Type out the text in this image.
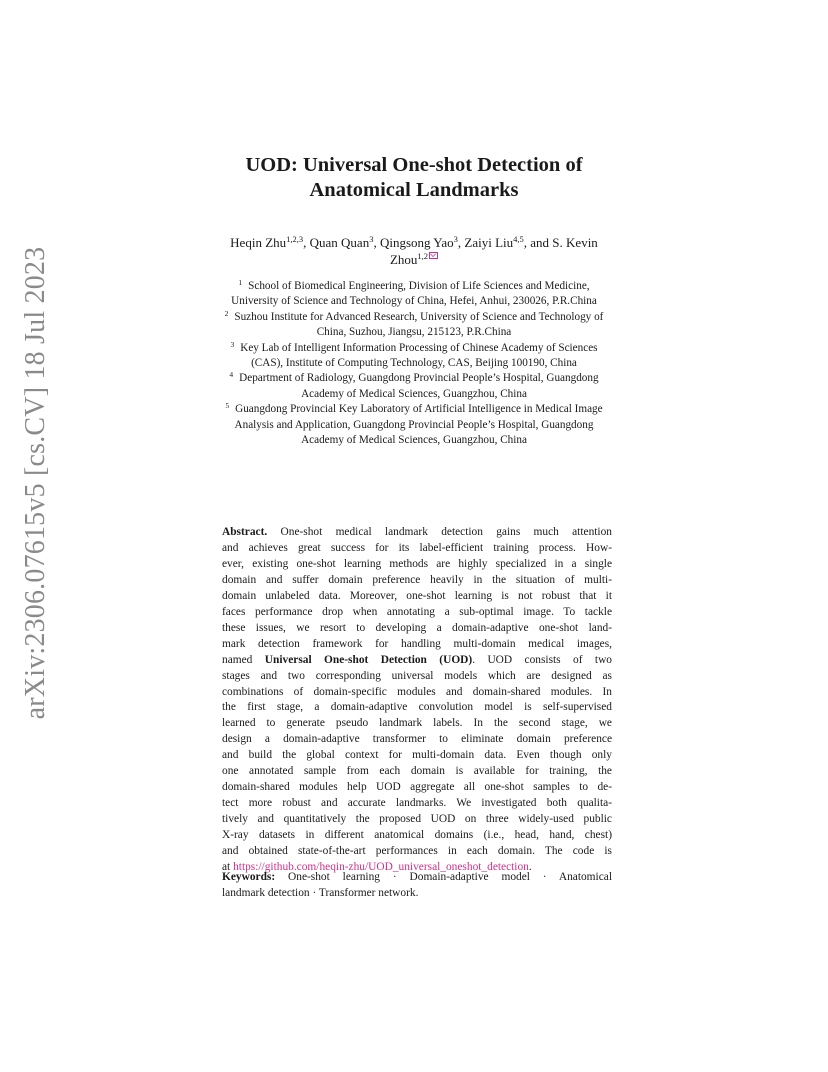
arXiv:2306.07615v5 [cs.CV] 18 Jul 2023
UOD: Universal One-shot Detection of
Anatomical Landmarks
Heqin Zhu$^{1,2,3}$, Quan Quan$^3$, Qingsong Yao$^3$, Zaiyi Liu$^{4,5}$, and S. Kevin
Zhou$^{1,2}$
$^1$ School of Biomedical Engineering, Division of Life Sciences and Medicine,
University of Science and Technology of China, Hefei, Anhui, 230026, P.R.China
$^2$ Suzhou Institute for Advanced Research, University of Science and Technology of
China, Suzhou, Jiangsu, 215123, P.R.China
$^3$ Key Lab of Intelligent Information Processing of Chinese Academy of Sciences
(CAS), Institute of Computing Technology, CAS, Beijing 100190, China
$^4$ Department of Radiology, Guangdong Provincial People’s Hospital, Guangdong
Academy of Medical Sciences, Guangzhou, China
$^5$ Guangdong Provincial Key Laboratory of Artificial Intelligence in Medical Image
Analysis and Application, Guangdong Provincial People’s Hospital, Guangdong
Academy of Medical Sciences, Guangzhou, China
Abstract. One-shot medical landmark detection gains much attention
and achieves great success for its label-efficient training process. How-
ever, existing one-shot learning methods are highly specialized in a single
domain and suffer domain preference heavily in the situation of multi-
domain unlabeled data. Moreover, one-shot learning is not robust that it
faces performance drop when annotating a sub-optimal image. To tackle
these issues, we resort to developing a domain-adaptive one-shot land-
mark detection framework for handling multi-domain medical images,
named Universal One-shot Detection (UOD). UOD consists of two
stages and two corresponding universal models which are designed as
combinations of domain-specific modules and domain-shared modules. In
the first stage, a domain-adaptive convolution model is self-supervised
learned to generate pseudo landmark labels. In the second stage, we
design a domain-adaptive transformer to eliminate domain preference
and build the global context for multi-domain data. Even though only
one annotated sample from each domain is available for training, the
domain-shared modules help UOD aggregate all one-shot samples to de-
tect more robust and accurate landmarks. We investigated both qualita-
tively and quantitatively the proposed UOD on three widely-used public
X-ray datasets in different anatomical domains (i.e., head, hand, chest)
and obtained state-of-the-art performances in each domain. The code is
at https://github.com/heqin-zhu/UOD_universal_oneshot_detection.
Keywords: One-shot learning · Domain-adaptive model · Anatomical
landmark detection · Transformer network.
